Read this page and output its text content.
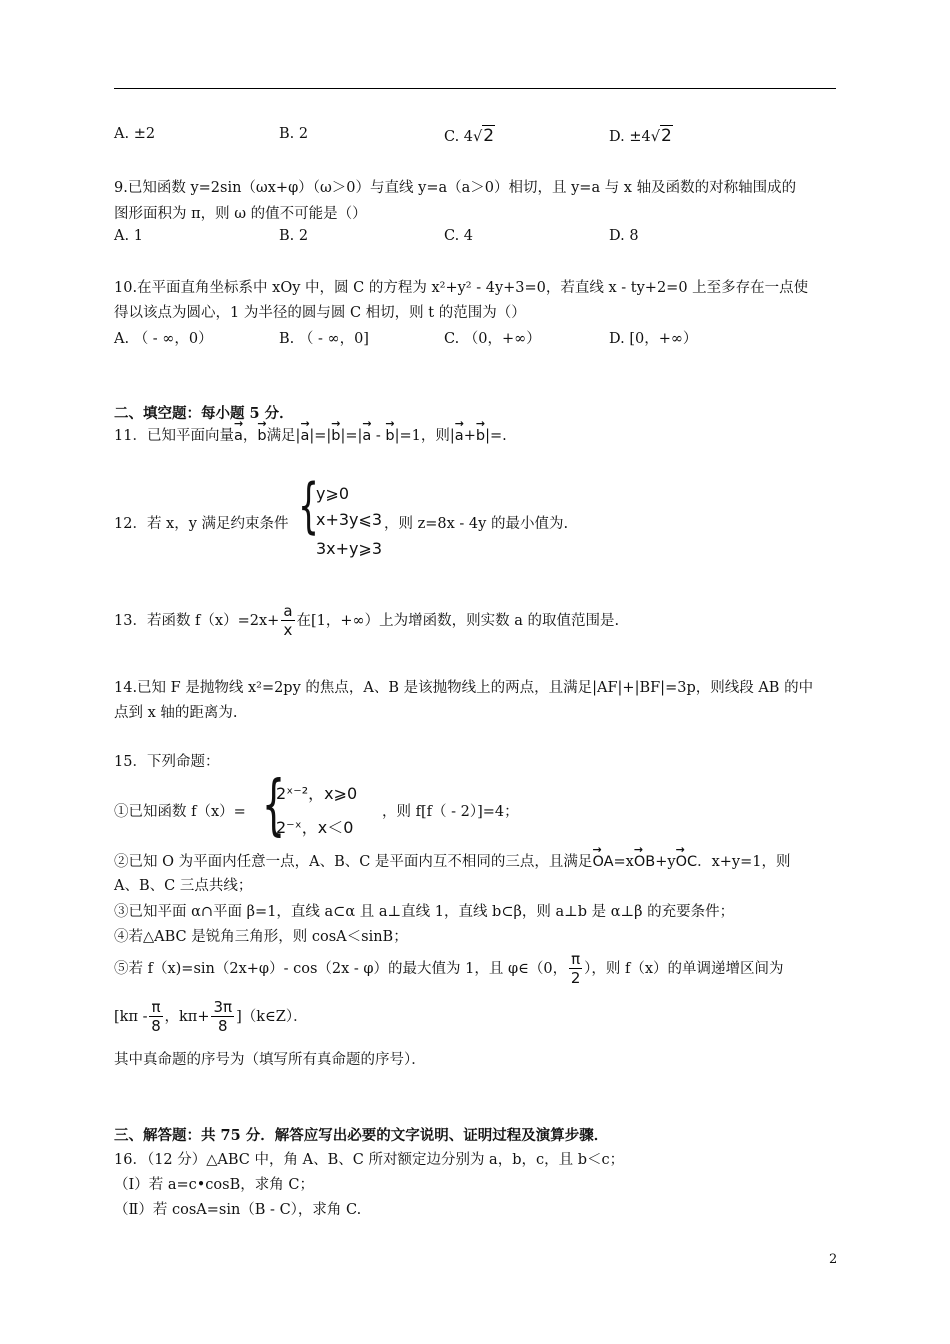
A. ±2	B. 2	C. 4√2	D. ±4√2
9.已知函数 y=2sin（ωx+φ）（ω＞0）与直线 y=a（a＞0）相切，且 y=a 与 x 轴及函数的对称轴围成的
图形面积为 π，则 ω 的值不可能是（）
A. 1	B. 2	C. 4	D. 8
10.在平面直角坐标系中 xOy 中，圆 C 的方程为 x²+y² - 4y+3=0，若直线 x - ty+2=0 上至多存在一点使
得以该点为圆心，1 为半径的圆与圆 C 相切，则 t 的范围为（）
A. （ - ∞，0）	B. （ - ∞，0]	C. （0，+∞）	D. [0，+∞）
二、填空题：每小题 5 分．
11．已知平面向量→ a，→ b满足|→ a|=|→ b|=|→ a - → b|=1，则|→ a+→ b|=.
12．若 x，y 满足约束条件 {
y⩾0
x+3y⩽3
3x+y⩾3
，则 z=8x - 4y 的最小值为.
13．若函数 $f(x)=2x+ \frac{a}{x}$ 在[1，+∞）上为增函数，则实数 a 的取值范围是.
14.已知 F 是抛物线 x²=2py 的焦点，A、B 是该抛物线上的两点，且满足|AF|+|BF|=3p，则线段 AB 的中
点到 x 轴的距离为.
15．下列命题：
①已知函数 f（x）= {
2ˣ⁻²，x⩾0
2⁻ˣ，x＜0
，则 f[f（ - 2）]=4；
②已知 O 为平面内任意一点，A、B、C 是平面内互不相同的三点，且满足→ OA=x→ OB+y→ OC．x+y=1，则
A、B、C 三点共线；
③已知平面 α∩平面 β=1，直线 a⊂α 且 a⊥直线 1，直线 b⊂β，则 a⊥b 是 α⊥β 的充要条件；
④若△ABC 是锐角三角形，则 cosA＜sinB；
⑤若 f（x)=sin（2x+φ）- cos（2x - φ）的最大值为 1，且 φ∈（0， $\frac{\pi}{2}$ ），则 f（x）的单调递增区间为
[$k\pi - \frac{\pi}{8}$ ，$k\pi+ \frac{3\pi}{8}$ ]（k∈Z）．
其中真命题的序号为（填写所有真命题的序号）．
三、解答题：共 75 分．解答应写出必要的文字说明、证明过程及演算步骤．
16．（12 分）△ABC 中，角 A、B、C 所对额定边分别为 a，b，c，且 b＜c；
（Ⅰ）若 a=c•cosB，求角 C；
（Ⅱ）若 cosA=sin（B - C），求角 C.
2
